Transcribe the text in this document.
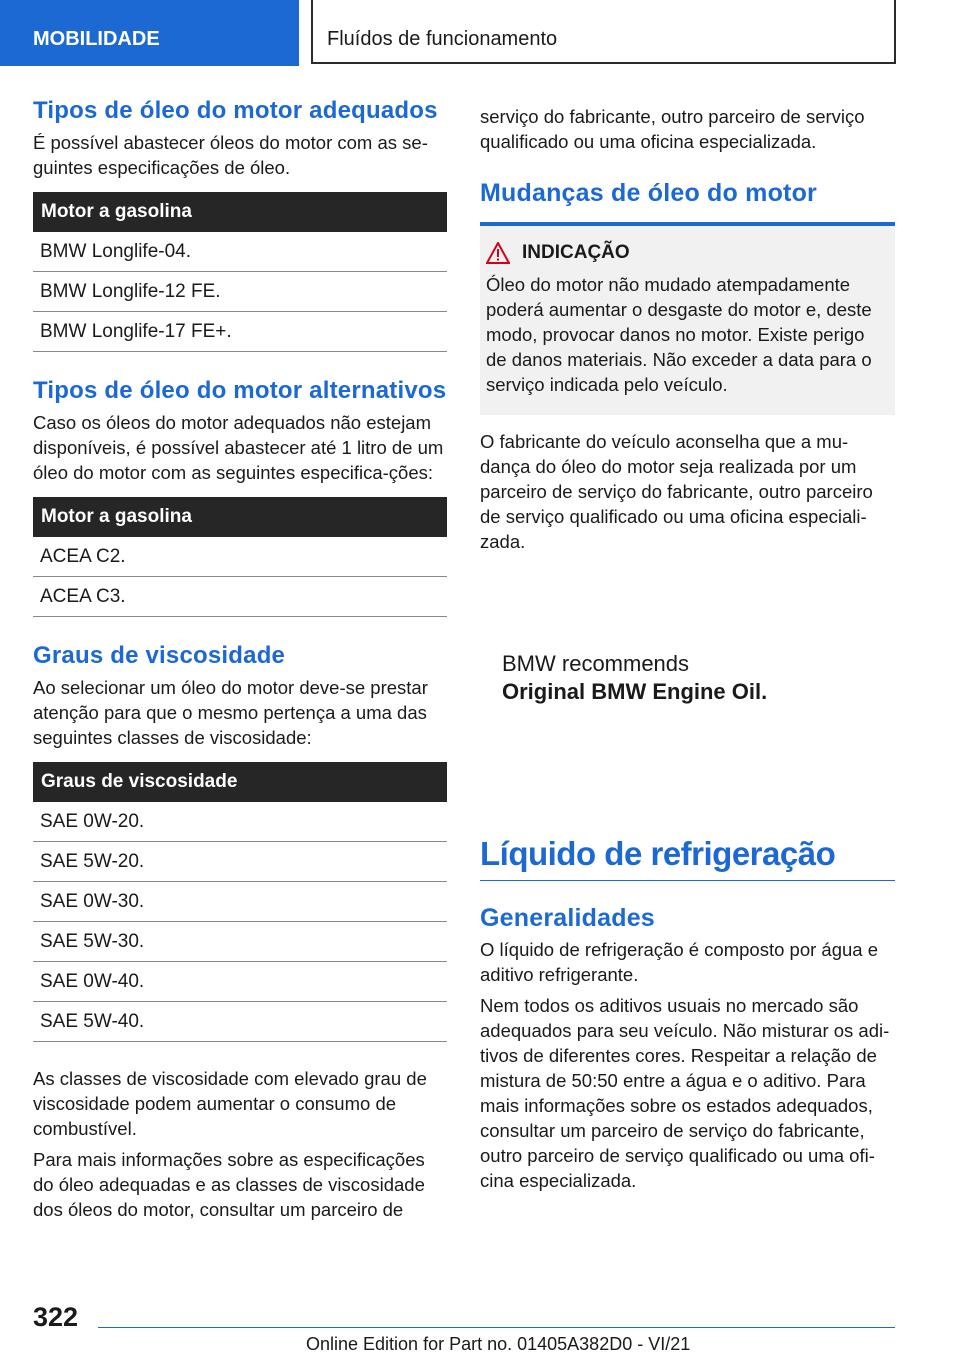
MOBILIDADE	Fluídos de funcionamento
Tipos de óleo do motor adequados

É possível abastecer óleos do motor com as se-guintes especificações de óleo.

Motor a gasolina
BMW Longlife-04.
BMW Longlife-12 FE.
BMW Longlife-17 FE+.
Tipos de óleo do motor alternativos

Caso os óleos do motor adequados não estejam disponíveis, é possível abastecer até 1 litro de um óleo do motor com as seguintes especifica-ções:

Motor a gasolina
ACEA C2.
ACEA C3.
Graus de viscosidade

Ao selecionar um óleo do motor deve-se prestar atenção para que o mesmo pertença a uma das seguintes classes de viscosidade:

Graus de viscosidade
SAE 0W-20.
SAE 5W-20.
SAE 0W-30.
SAE 5W-30.
SAE 0W-40.
SAE 5W-40.

As classes de viscosidade com elevado grau de viscosidade podem aumentar o consumo de combustível.

Para mais informações sobre as especificações do óleo adequadas e as classes de viscosidade dos óleos do motor, consultar um parceiro de

serviço do fabricante, outro parceiro de serviço qualificado ou uma oficina especializada.

Mudanças de óleo do motor
INDICAÇÃO

Óleo do motor não mudado atempadamente poderá aumentar o desgaste do motor e, deste modo, provocar danos no motor. Existe perigo de danos materiais. Não exceder a data para o serviço indicada pelo veículo.

O fabricante do veículo aconselha que a mu-dança do óleo do motor seja realizada por um parceiro de serviço do fabricante, outro parceiro de serviço qualificado ou uma oficina especiali-zada.

BMW recommends
Original BMW Engine Oil.
Líquido de refrigeração
Generalidades

O líquido de refrigeração é composto por água e aditivo refrigerante.

Nem todos os aditivos usuais no mercado são adequados para seu veículo. Não misturar os adi-tivos de diferentes cores. Respeitar a relação de mistura de 50:50 entre a água e o aditivo. Para mais informações sobre os estados adequados, consultar um parceiro de serviço do fabricante, outro parceiro de serviço qualificado ou uma ofi-cina especializada.

322
Online Edition for Part no. 01405A382D0 - VI/21
